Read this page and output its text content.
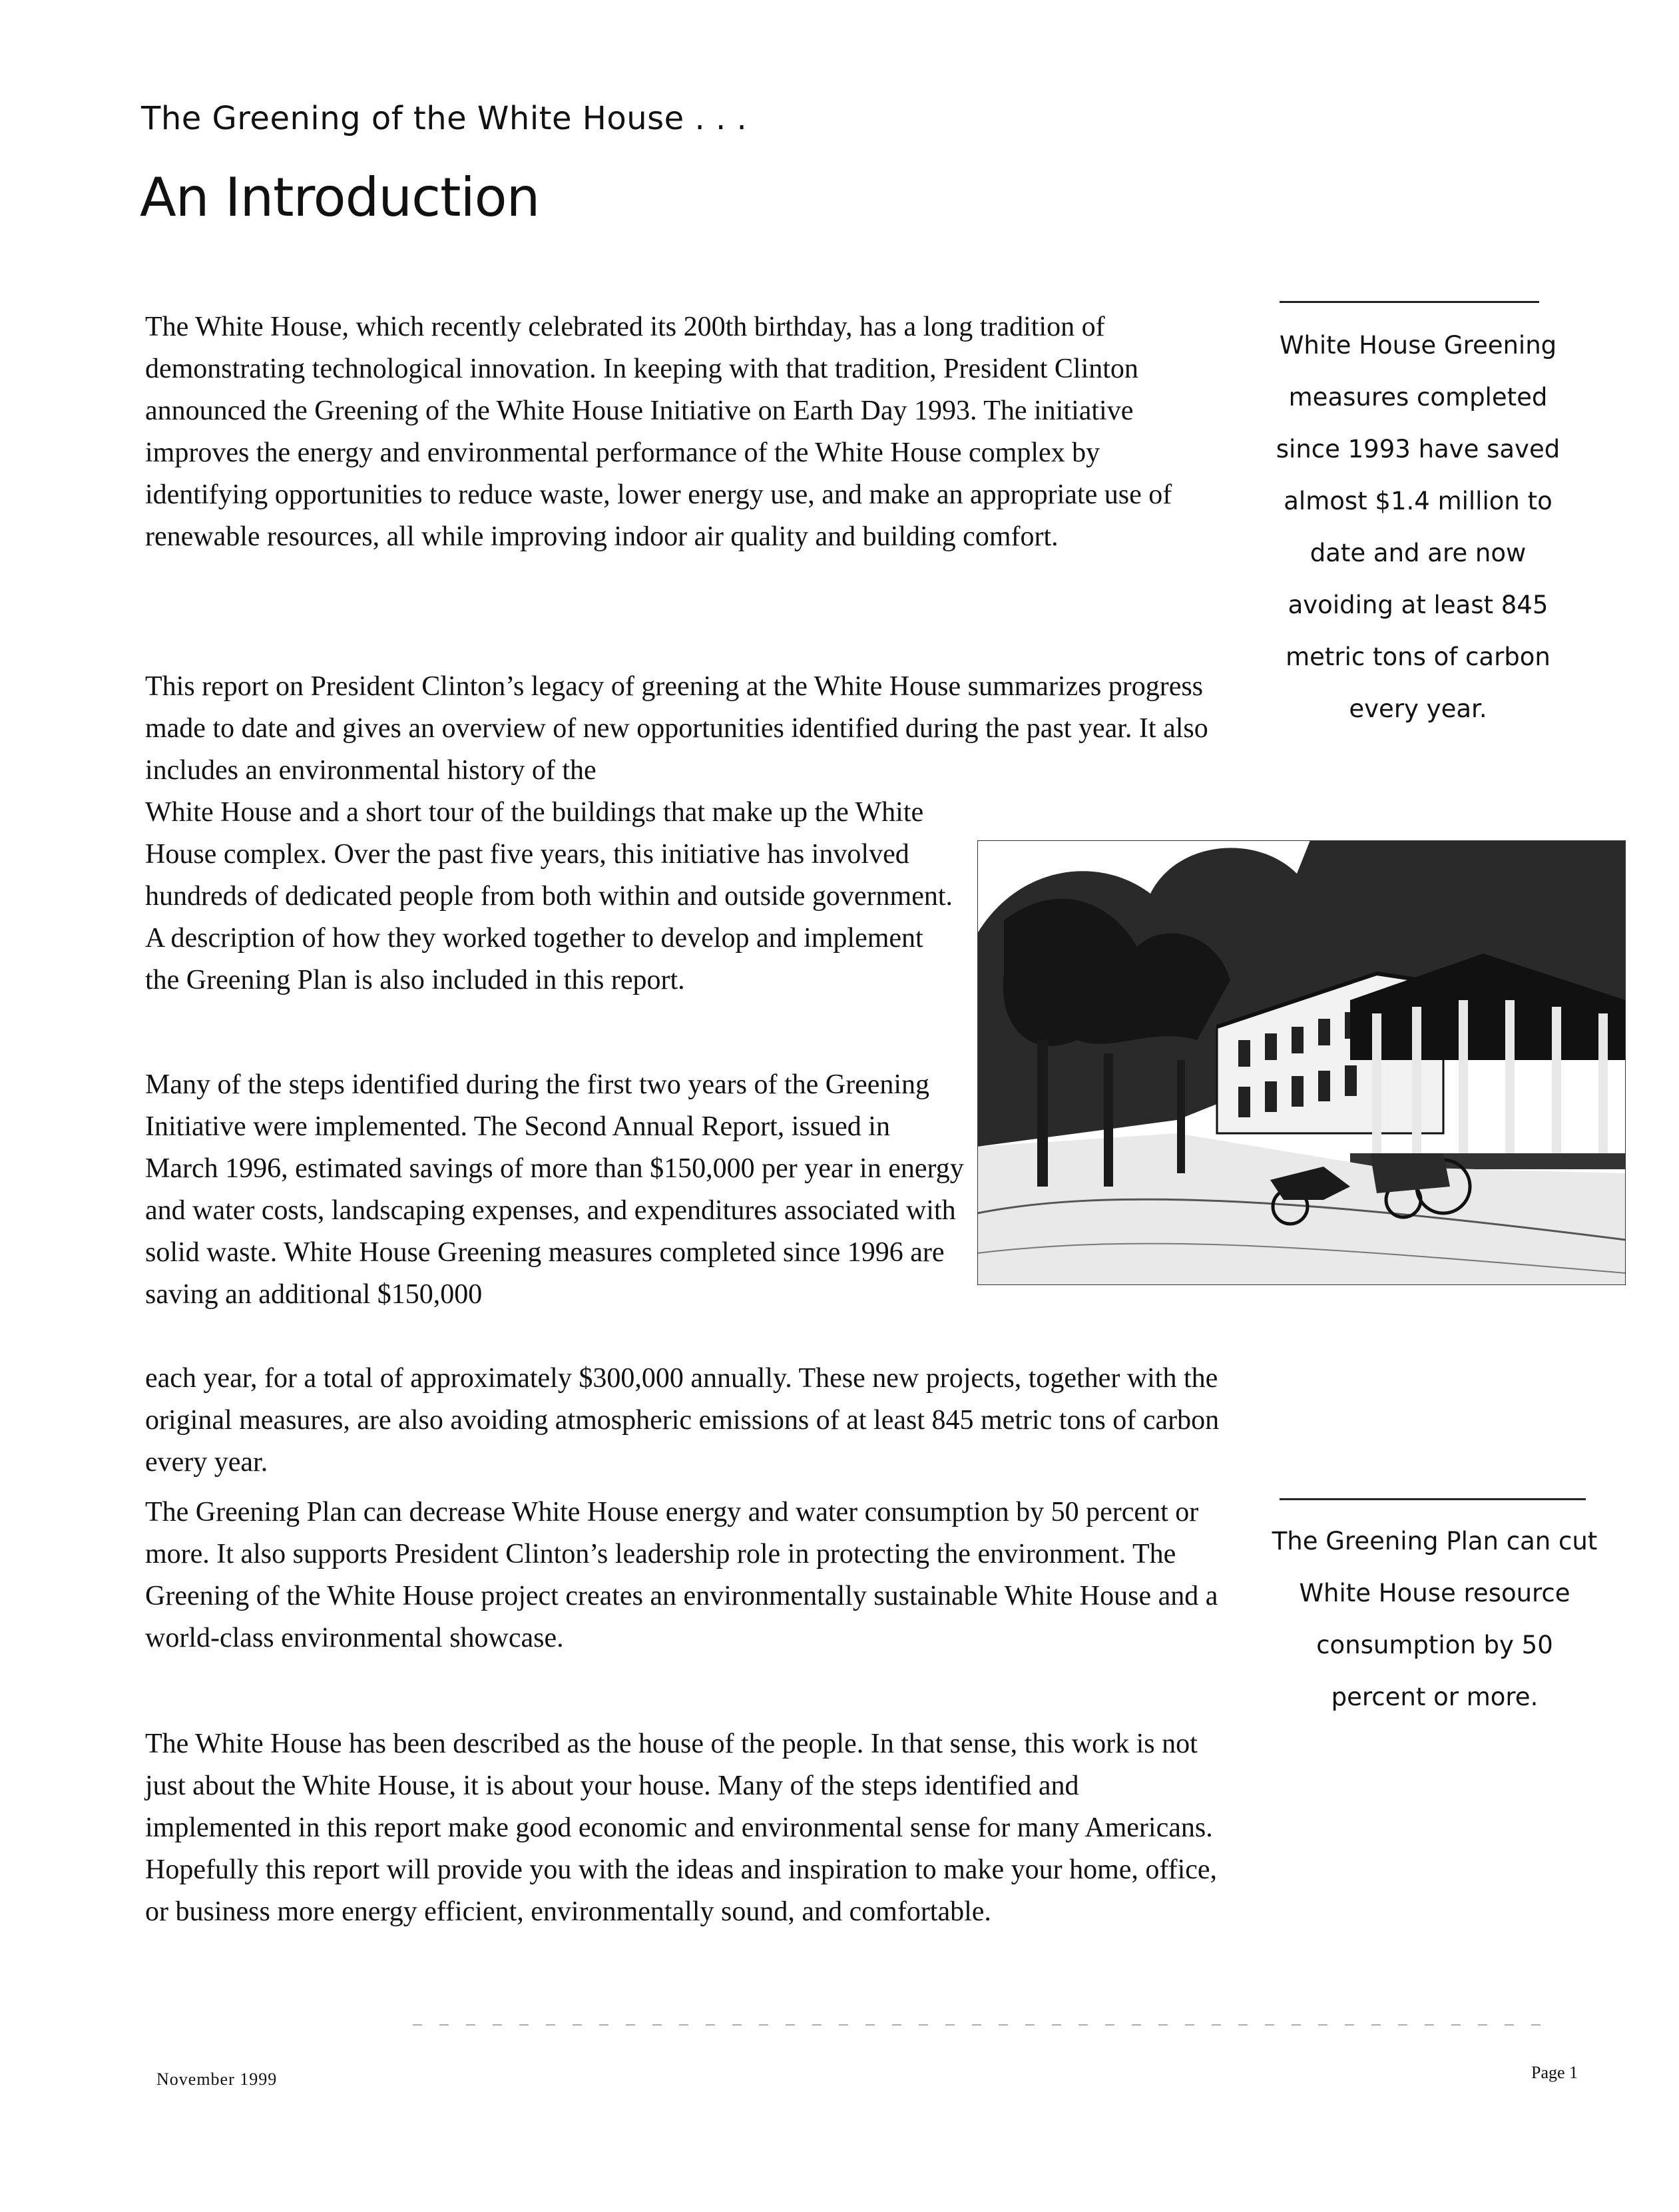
The Greening of the White House . . .
An Introduction

The White House, which recently celebrated its 200th birthday, has a long tradition of demonstrating technological innovation. In keeping with that tradition, President Clinton announced the Greening of the White House Initiative on Earth Day 1993. The initiative improves the energy and environmental performance of the White House complex by identifying opportunities to reduce waste, lower energy use, and make an appropriate use of renewable resources, all while improving indoor air quality and building comfort.

This report on President Clinton’s legacy of greening at the White House summarizes progress made to date and gives an overview of new opportunities identified during the past year. It also includes an environmental history of the

White House and a short tour of the buildings that make up the White House complex. Over the past five years, this initiative has involved hundreds of dedicated people from both within and outside government. A description of how they worked together to develop and implement the Greening Plan is also included in this report.

Many of the steps identified during the first two years of the Greening Initiative were implemented. The Second Annual Report, issued in March 1996, estimated savings of more than $150,000 per year in energy and water costs, landscaping expenses, and expenditures associated with solid waste. White House Greening measures completed since 1996 are saving an additional $150,000

each year, for a total of approximately $300,000 annually. These new projects, together with the original measures, are also avoiding atmospheric emissions of at least 845 metric tons of carbon every year.

The Greening Plan can decrease White House energy and water consumption by 50 percent or more. It also supports President Clinton’s leadership role in protecting the environment. The Greening of the White House project creates an environmentally sustainable White House and a world-class environmental showcase.

The White House has been described as the house of the people. In that sense, this work is not just about the White House, it is about your house. Many of the steps identified and implemented in this report make good economic and environmental sense for many Americans. Hopefully this report will provide you with the ideas and inspiration to make your home, office, or business more energy efficient, environmentally sound, and comfortable.

White House Greening measures completed since 1993 have saved almost $1.4 million to date and are now avoiding at least 845 metric tons of carbon every year.

The Greening Plan can cut White House resource consumption by 50 percent or more.

November 1999	Page 1
